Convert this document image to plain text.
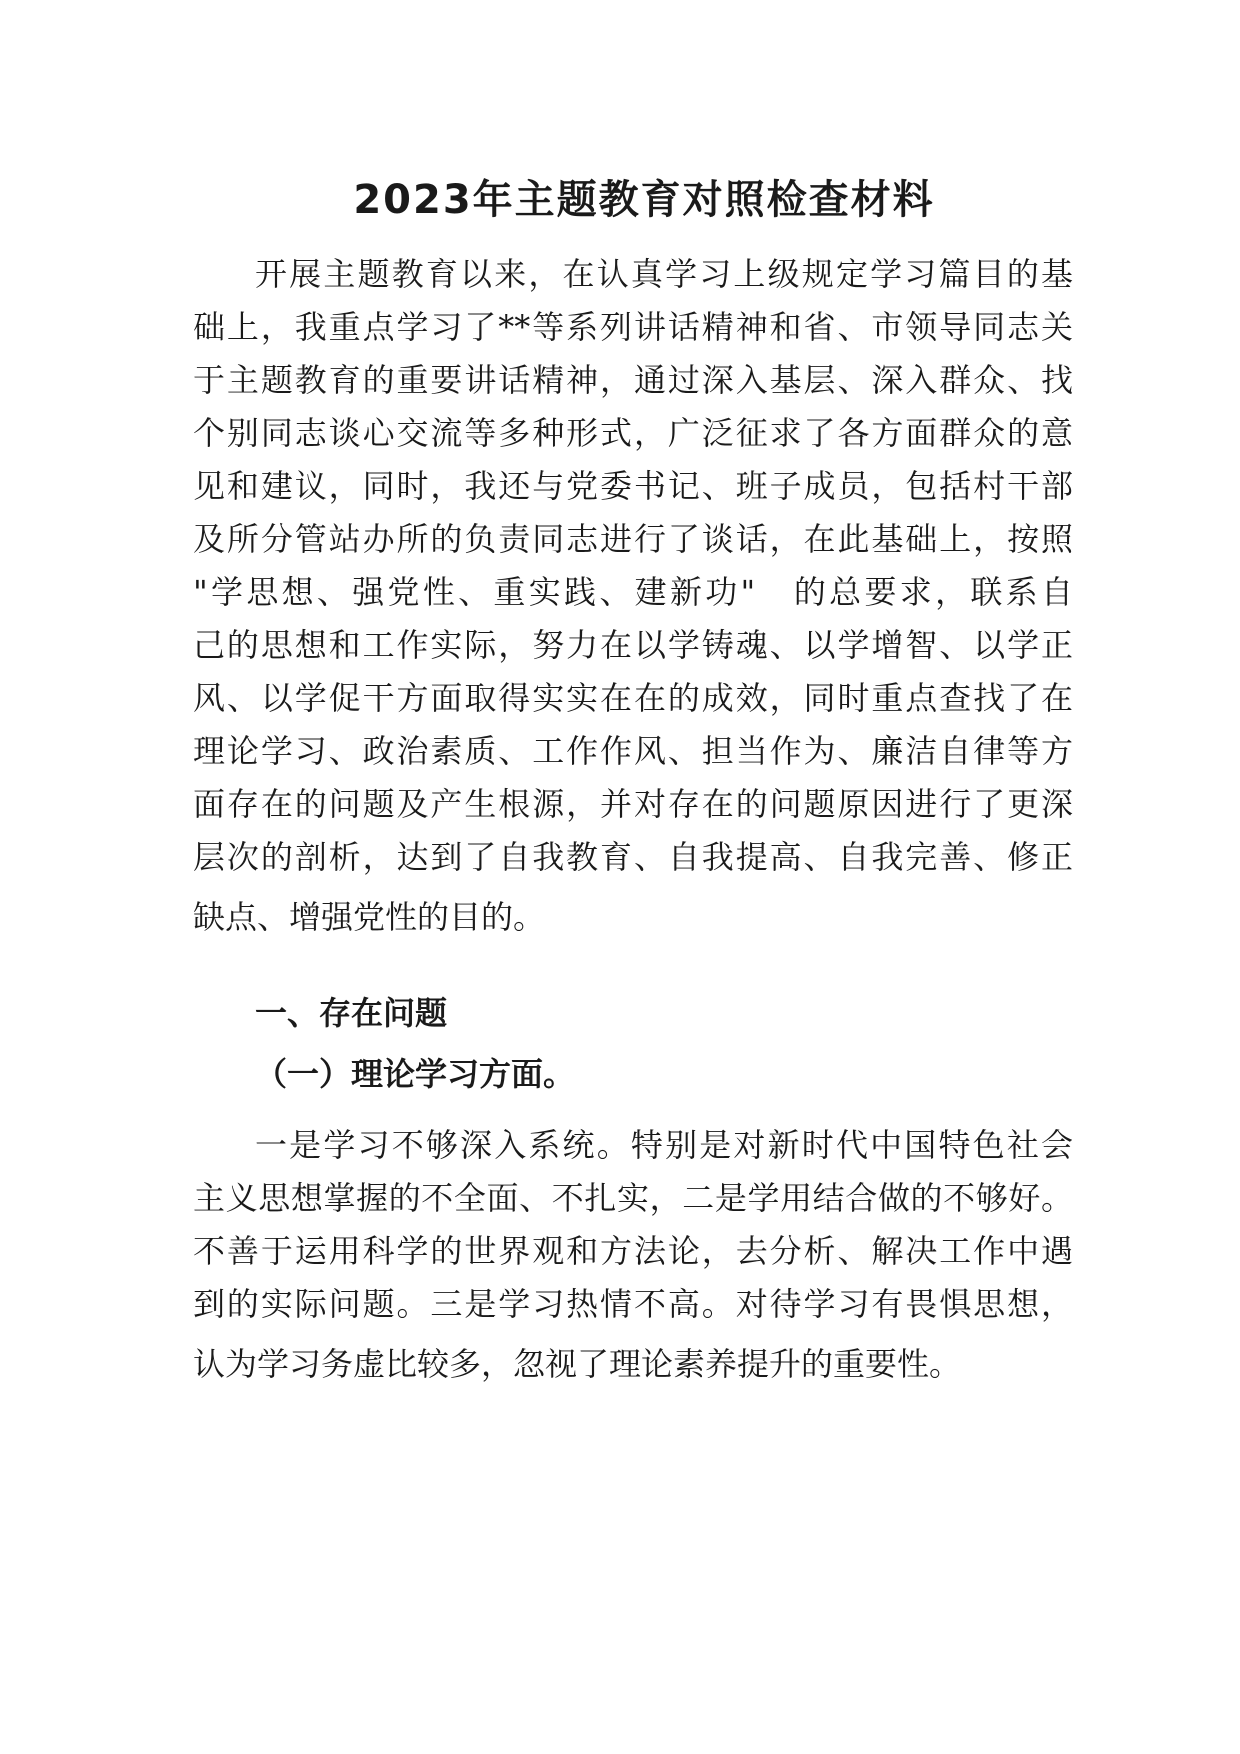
2023年主题教育对照检查材料
开展主题教育以来，在认真学习上级规定学习篇目的基
础上，我重点学习了**等系列讲话精神和省、市领导同志关
于主题教育的重要讲话精神，通过深入基层、深入群众、找
个别同志谈心交流等多种形式，广泛征求了各方面群众的意
见和建议，同时，我还与党委书记、班子成员，包括村干部
及所分管站办所的负责同志进行了谈话，在此基础上，按照
"学思想、强党性、重实践、建新功"　的总要求，联系自
己的思想和工作实际，努力在以学铸魂、以学增智、以学正
风、以学促干方面取得实实在在的成效，同时重点查找了在
理论学习、政治素质、工作作风、担当作为、廉洁自律等方
面存在的问题及产生根源，并对存在的问题原因进行了更深
层次的剖析，达到了自我教育、自我提高、自我完善、修正
缺点、增强党性的目的。
一、存在问题
（一）理论学习方面。
一是学习不够深入系统。特别是对新时代中国特色社会
主义思想掌握的不全面、不扎实，二是学用结合做的不够好。
不善于运用科学的世界观和方法论，去分析、解决工作中遇
到的实际问题。三是学习热情不高。对待学习有畏惧思想，
认为学习务虚比较多，忽视了理论素养提升的重要性。
